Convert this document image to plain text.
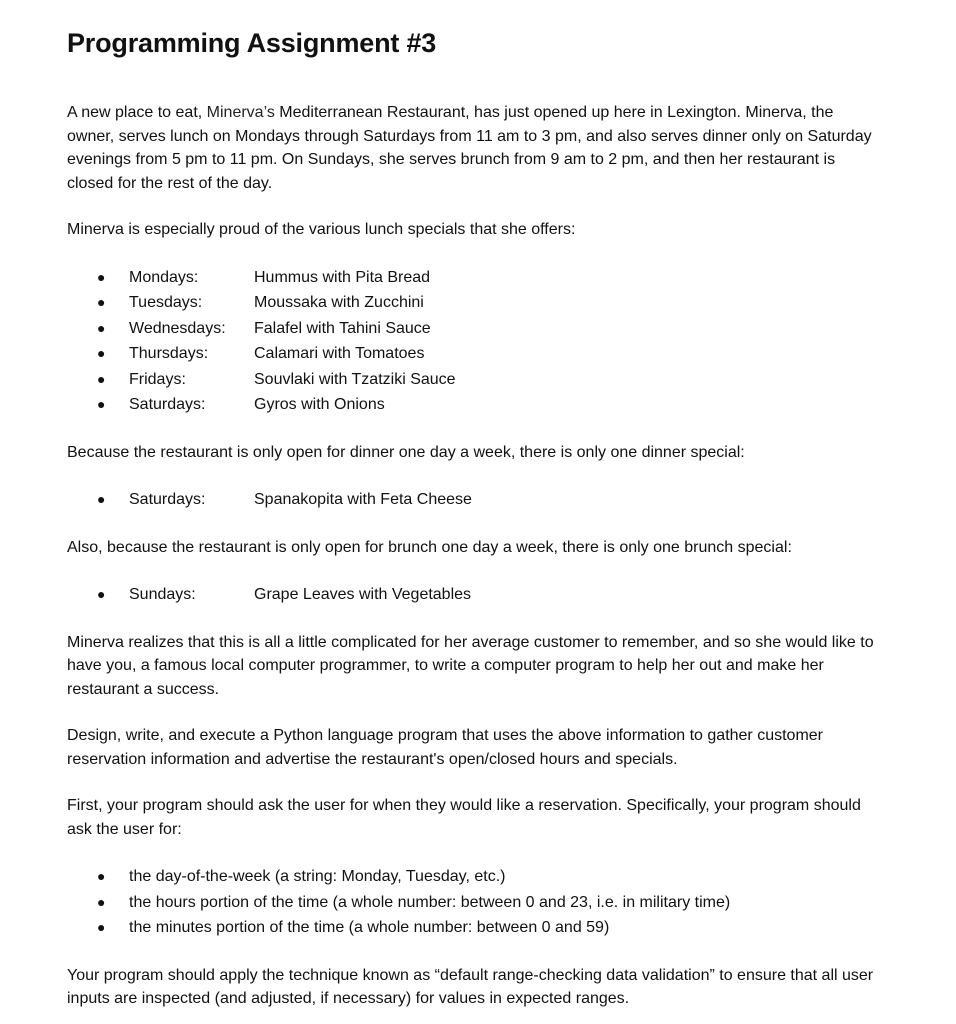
Programming Assignment #3

A new place to eat, Minerva’s Mediterranean Restaurant, has just opened up here in Lexington. Minerva, the owner, serves lunch on Mondays through Saturdays from 11 am to 3 pm, and also serves dinner only on Saturday evenings from 5 pm to 11 pm. On Sundays, she serves brunch from 9 am to 2 pm, and then her restaurant is closed for the rest of the day.

Minerva is especially proud of the various lunch specials that she offers:

●	Mondays:	Hummus with Pita Bread
●	Tuesdays:	Moussaka with Zucchini
●	Wednesdays:	Falafel with Tahini Sauce
●	Thursdays:	Calamari with Tomatoes
●	Fridays:	Souvlaki with Tzatziki Sauce
●	Saturdays:	Gyros with Onions

Because the restaurant is only open for dinner one day a week, there is only one dinner special:

●	Saturdays:	Spanakopita with Feta Cheese

Also, because the restaurant is only open for brunch one day a week, there is only one brunch special:

●	Sundays:	Grape Leaves with Vegetables

Minerva realizes that this is all a little complicated for her average customer to remember, and so she would like to have you, a famous local computer programmer, to write a computer program to help her out and make her restaurant a success.

Design, write, and execute a Python language program that uses the above information to gather customer reservation information and advertise the restaurant's open/closed hours and specials.

First, your program should ask the user for when they would like a reservation. Specifically, your program should ask the user for:

●	the day-of-the-week (a string: Monday, Tuesday, etc.)
●	the hours portion of the time (a whole number: between 0 and 23, i.e. in military time)
●	the minutes portion of the time (a whole number: between 0 and 59)

Your program should apply the technique known as “default range-checking data validation” to ensure that all user inputs are inspected (and adjusted, if necessary) for values in expected ranges.
